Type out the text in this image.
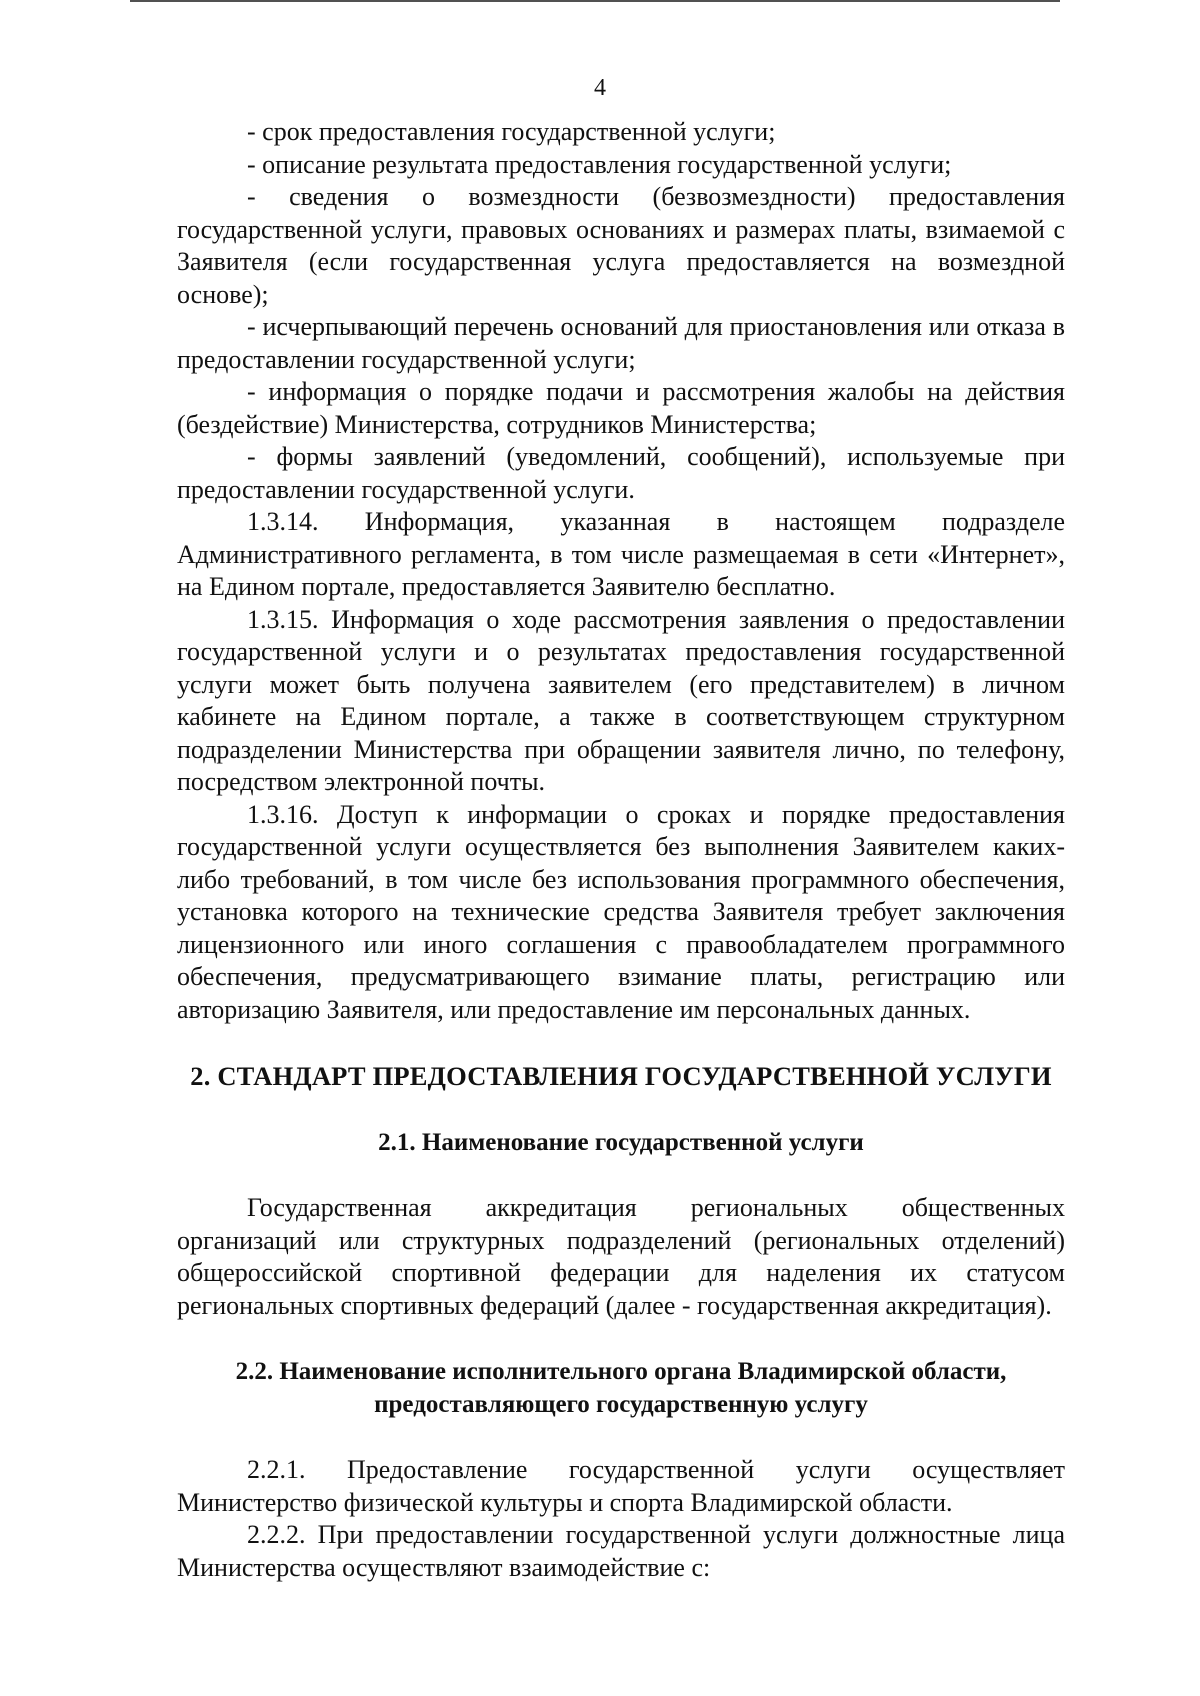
4

- срок предоставления государственной услуги;

- описание результата предоставления государственной услуги;

- сведения о возмездности (безвозмездности) предоставления государственной услуги, правовых основаниях и размерах платы, взимаемой с Заявителя (если государственная услуга предоставляется на возмездной основе);

- исчерпывающий перечень оснований для приостановления или отказа в предоставлении государственной услуги;

- информация о порядке подачи и рассмотрения жалобы на действия (бездействие) Министерства, сотрудников Министерства;

- формы заявлений (уведомлений, сообщений), используемые при предоставлении государственной услуги.

1.3.14. Информация, указанная в настоящем подразделе Административного регламента, в том числе размещаемая в сети «Интернет», на Едином портале, предоставляется Заявителю бесплатно.

1.3.15. Информация о ходе рассмотрения заявления о предоставлении государственной услуги и о результатах предоставления государственной услуги может быть получена заявителем (его представителем) в личном кабинете на Едином портале, а также в соответствующем структурном подразделении Министерства при обращении заявителя лично, по телефону, посредством электронной почты.

1.3.16. Доступ к информации о сроках и порядке предоставления государственной услуги осуществляется без выполнения Заявителем каких-либо требований, в том числе без использования программного обеспечения, установка которого на технические средства Заявителя требует заключения лицензионного или иного соглашения с правообладателем программного обеспечения, предусматривающего взимание платы, регистрацию или авторизацию Заявителя, или предоставление им персональных данных.

2. СТАНДАРТ ПРЕДОСТАВЛЕНИЯ ГОСУДАРСТВЕННОЙ УСЛУГИ
2.1. Наименование государственной услуги

Государственная аккредитация региональных общественных организаций или структурных подразделений (региональных отделений) общероссийской спортивной федерации для наделения их статусом региональных спортивных федераций (далее - государственная аккредитация).

2.2. Наименование исполнительного органа Владимирской области,
предоставляющего государственную услугу

2.2.1. Предоставление государственной услуги осуществляет Министерство физической культуры и спорта Владимирской области.

2.2.2. При предоставлении государственной услуги должностные лица Министерства осуществляют взаимодействие с:
